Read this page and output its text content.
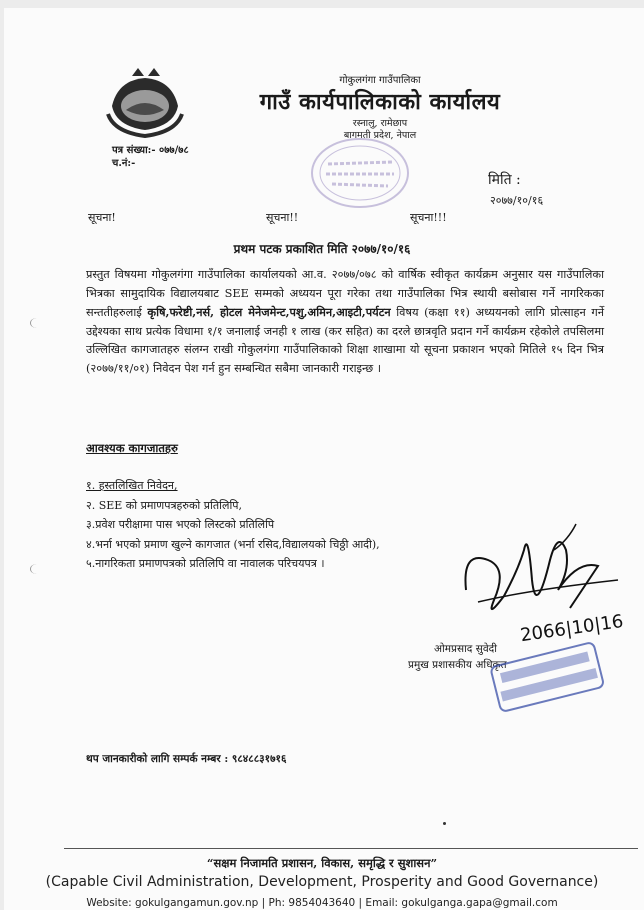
गोकुलगंगा गाउँपालिका
गाउँ कार्यपालिकाको कार्यालय
रस्नालु, रामेछाप
बागमती प्रदेश, नेपाल
पत्र संख्या:- ०७७/७८
च.नं:-
मिति :
२०७७/१०/१६
सूचना!	सूचना!!	सूचना!!!
प्रथम पटक प्रकाशित मिति २०७७/१०/१६
प्रस्तुत विषयमा गोकुलगंगा गाउँपालिका कार्यालयको आ.व. २०७७/०७८ को वार्षिक स्वीकृत कार्यक्रम अनुसार यस गाउँपालिका भित्रका सामुदायिक विद्यालयबाट SEE सम्मको अध्ययन पूरा गरेका तथा गाउँपालिका भित्र स्थायी बसोबास गर्ने नागरिकका सन्ततीहरुलाई कृषि,फरेष्टी,नर्स, होटल मेनेजमेन्ट,पशु,अमिन,आइटी,पर्यटन विषय (कक्षा ११) अध्ययनको लागि प्रोत्साहन गर्ने उद्देश्यका साथ प्रत्येक विधामा १/१ जनालाई जनही १ लाख (कर सहित) का दरले छात्रवृति प्रदान गर्ने कार्यक्रम रहेकोले तपसिलमा उल्लिखित कागजातहरु संलग्न राखी गोकुलगंगा गाउँपालिकाको शिक्षा शाखामा यो सूचना प्रकाशन भएको मितिले १५ दिन भित्र (२०७७/११/०१) निवेदन पेश गर्न हुन सम्बन्धित सबैमा जानकारी गराइन्छ ।
आवश्यक कागजातहरु
१. हस्तलिखित निवेदन,
२. SEE को प्रमाणपत्रहरुको प्रतिलिपि,
३.प्रवेश परीक्षामा पास भएको लिस्टको प्रतिलिपि
४.भर्ना भएको प्रमाण खुल्ने कागजात (भर्ना रसिद,विद्यालयको चिठ्ठी आदी),
५.नागरिकता प्रमाणपत्रको प्रतिलिपि वा नावालक परिचयपत्र ।
2066|10|16
ओमप्रसाद सुवेदी
प्रमुख प्रशासकीय अधिकृत
थप जानकारीको लागि सम्पर्क नम्बर : ९८४८८३१७१६
“सक्षम निजामति प्रशासन, विकास, समृद्धि र सुशासन”
(Capable Civil Administration, Development, Prosperity and Good Governance)
Website: gokulgangamun.gov.np | Ph: 9854043640 | Email: gokulganga.gapa@gmail.com
